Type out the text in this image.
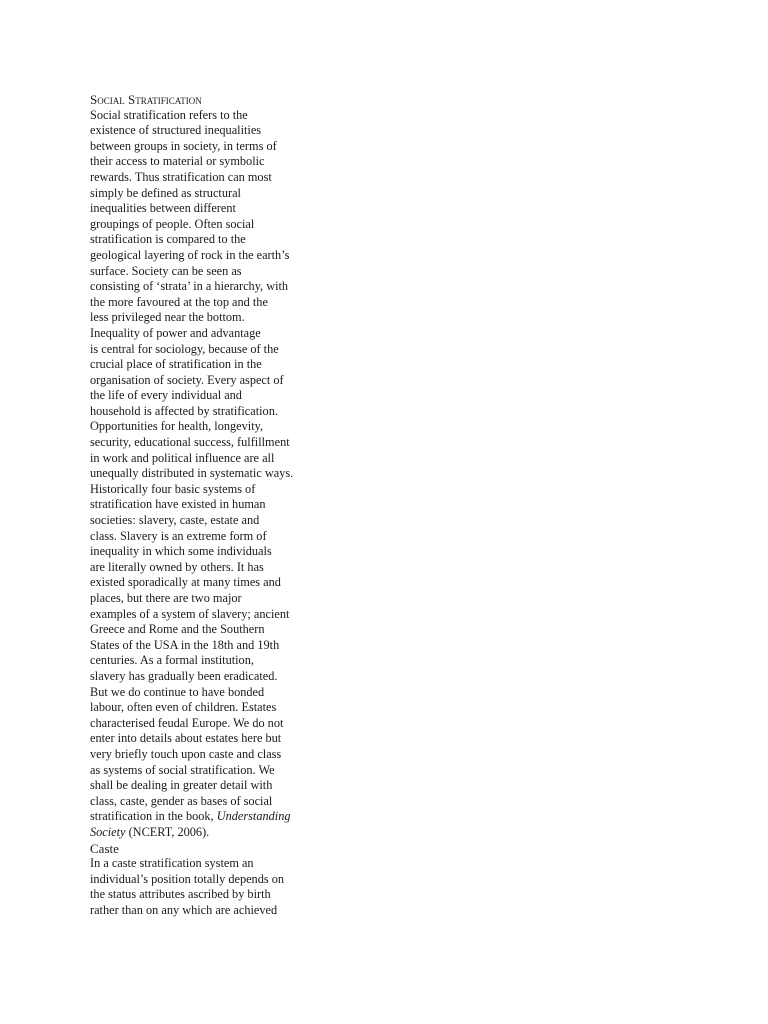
Social Stratification
Social stratification refers to the
existence of structured inequalities
between groups in society, in terms of
their access to material or symbolic
rewards. Thus stratification can most
simply be defined as structural
inequalities between different
groupings of people. Often social
stratification is compared to the
geological layering of rock in the earth’s
surface. Society can be seen as
consisting of ‘strata’ in a hierarchy, with
the more favoured at the top and the
less privileged near the bottom.
Inequality of power and advantage
is central for sociology, because of the
crucial place of stratification in the
organisation of society. Every aspect of
the life of every individual and
household is affected by stratification.
Opportunities for health, longevity,
security, educational success, fulfillment
in work and political influence are all
unequally distributed in systematic ways.
Historically four basic systems of
stratification have existed in human
societies: slavery, caste, estate and
class. Slavery is an extreme form of
inequality in which some individuals
are literally owned by others. It has
existed sporadically at many times and
places, but there are two major
examples of a system of slavery; ancient
Greece and Rome and the Southern
States of the USA in the 18th and 19th
centuries. As a formal institution,
slavery has gradually been eradicated.
But we do continue to have bonded
labour, often even of children. Estates
characterised feudal Europe. We do not
enter into details about estates here but
very briefly touch upon caste and class
as systems of social stratification. We
shall be dealing in greater detail with
class, caste, gender as bases of social
stratification in the book, Understanding
Society (NCERT, 2006).
Caste
In a caste stratification system an
individual’s position totally depends on
the status attributes ascribed by birth
rather than on any which are achieved
